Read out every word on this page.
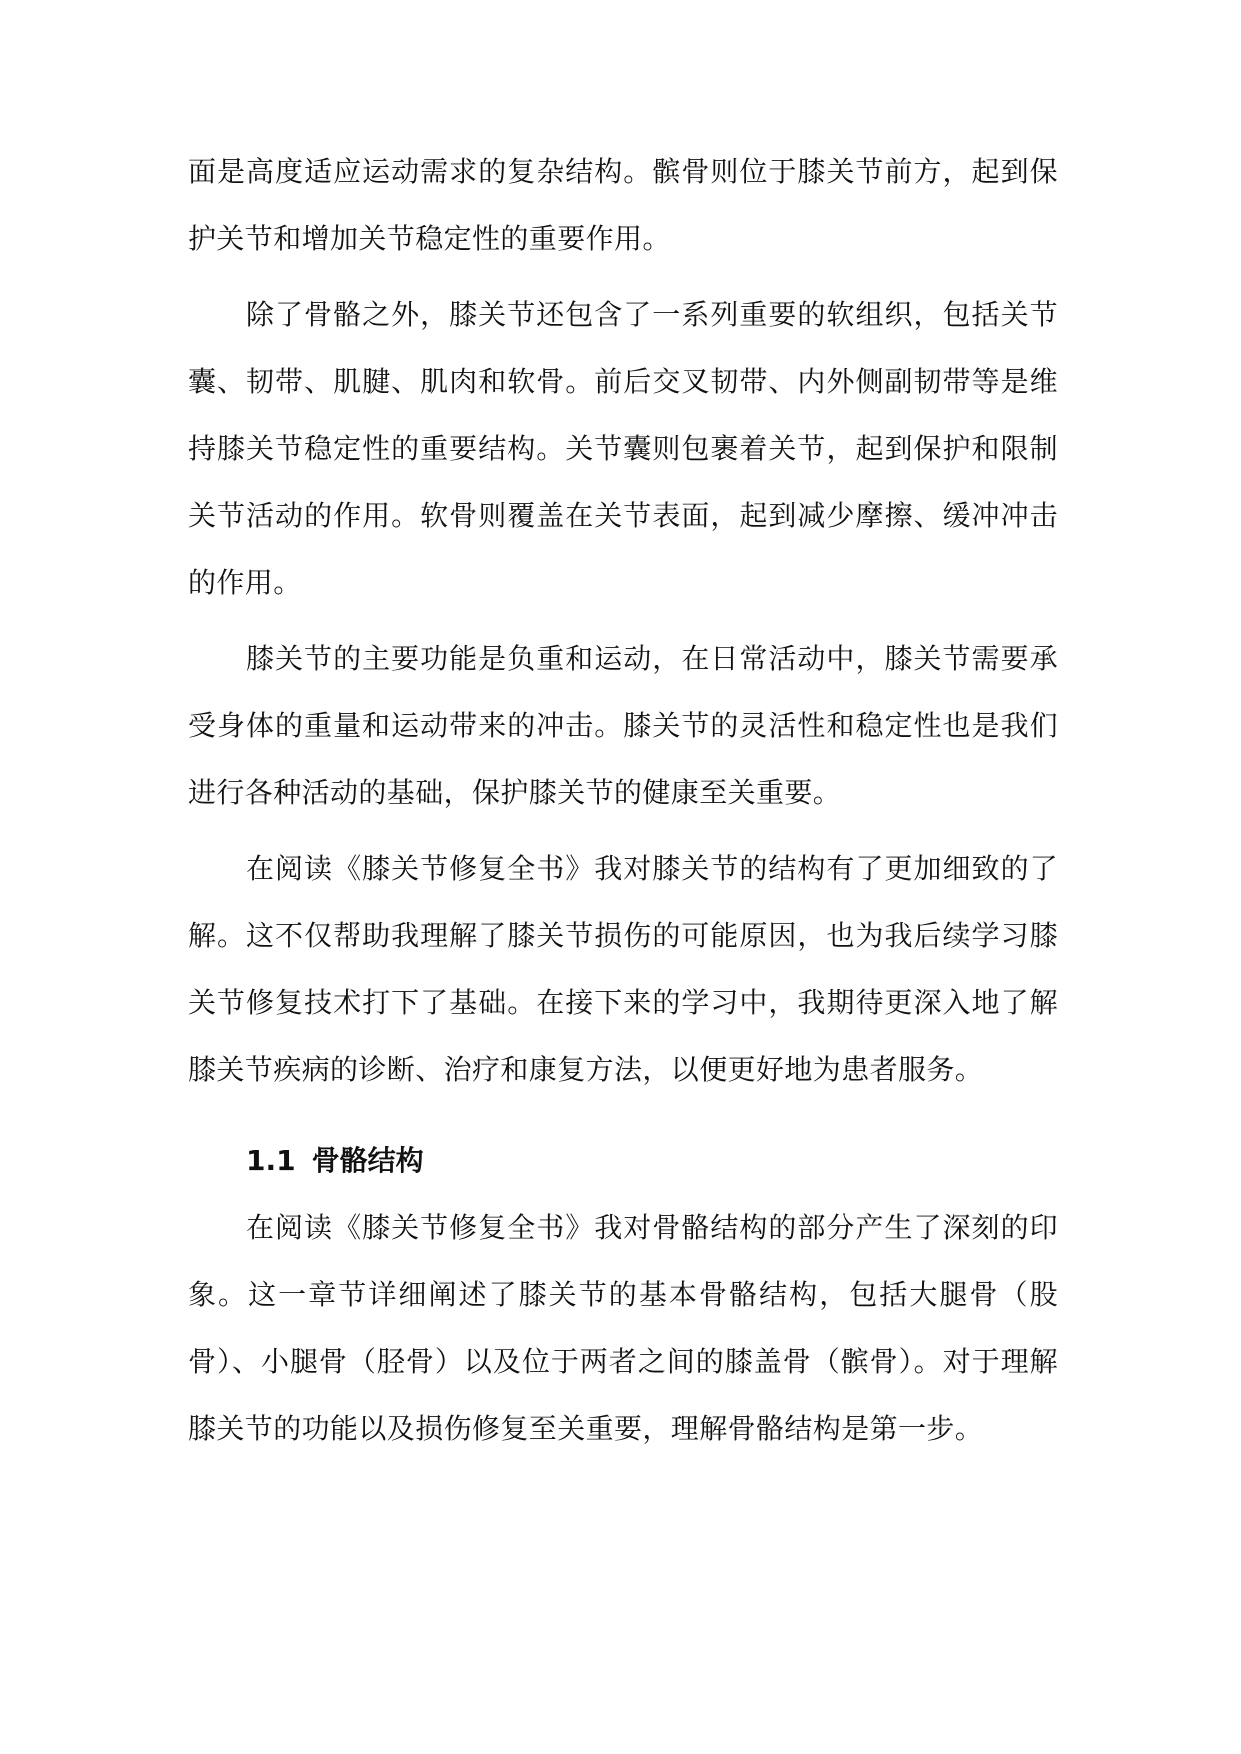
面是高度适应运动需求的复杂结构。髌骨则位于膝关节前方，起到保护关节和增加关节稳定性的重要作用。

除了骨骼之外，膝关节还包含了一系列重要的软组织，包括关节囊、韧带、肌腱、肌肉和软骨。前后交叉韧带、内外侧副韧带等是维持膝关节稳定性的重要结构。关节囊则包裹着关节，起到保护和限制关节活动的作用。软骨则覆盖在关节表面，起到减少摩擦、缓冲冲击的作用。

膝关节的主要功能是负重和运动，在日常活动中，膝关节需要承受身体的重量和运动带来的冲击。膝关节的灵活性和稳定性也是我们进行各种活动的基础，保护膝关节的健康至关重要。

在阅读《膝关节修复全书》我对膝关节的结构有了更加细致的了解。这不仅帮助我理解了膝关节损伤的可能原因，也为我后续学习膝关节修复技术打下了基础。在接下来的学习中，我期待更深入地了解膝关节疾病的诊断、治疗和康复方法，以便更好地为患者服务。

1.1 骨骼结构

在阅读《膝关节修复全书》我对骨骼结构的部分产生了深刻的印象。这一章节详细阐述了膝关节的基本骨骼结构，包括大腿骨（股骨）、小腿骨（胫骨）以及位于两者之间的膝盖骨（髌骨）。对于理解膝关节的功能以及损伤修复至关重要，理解骨骼结构是第一步。
